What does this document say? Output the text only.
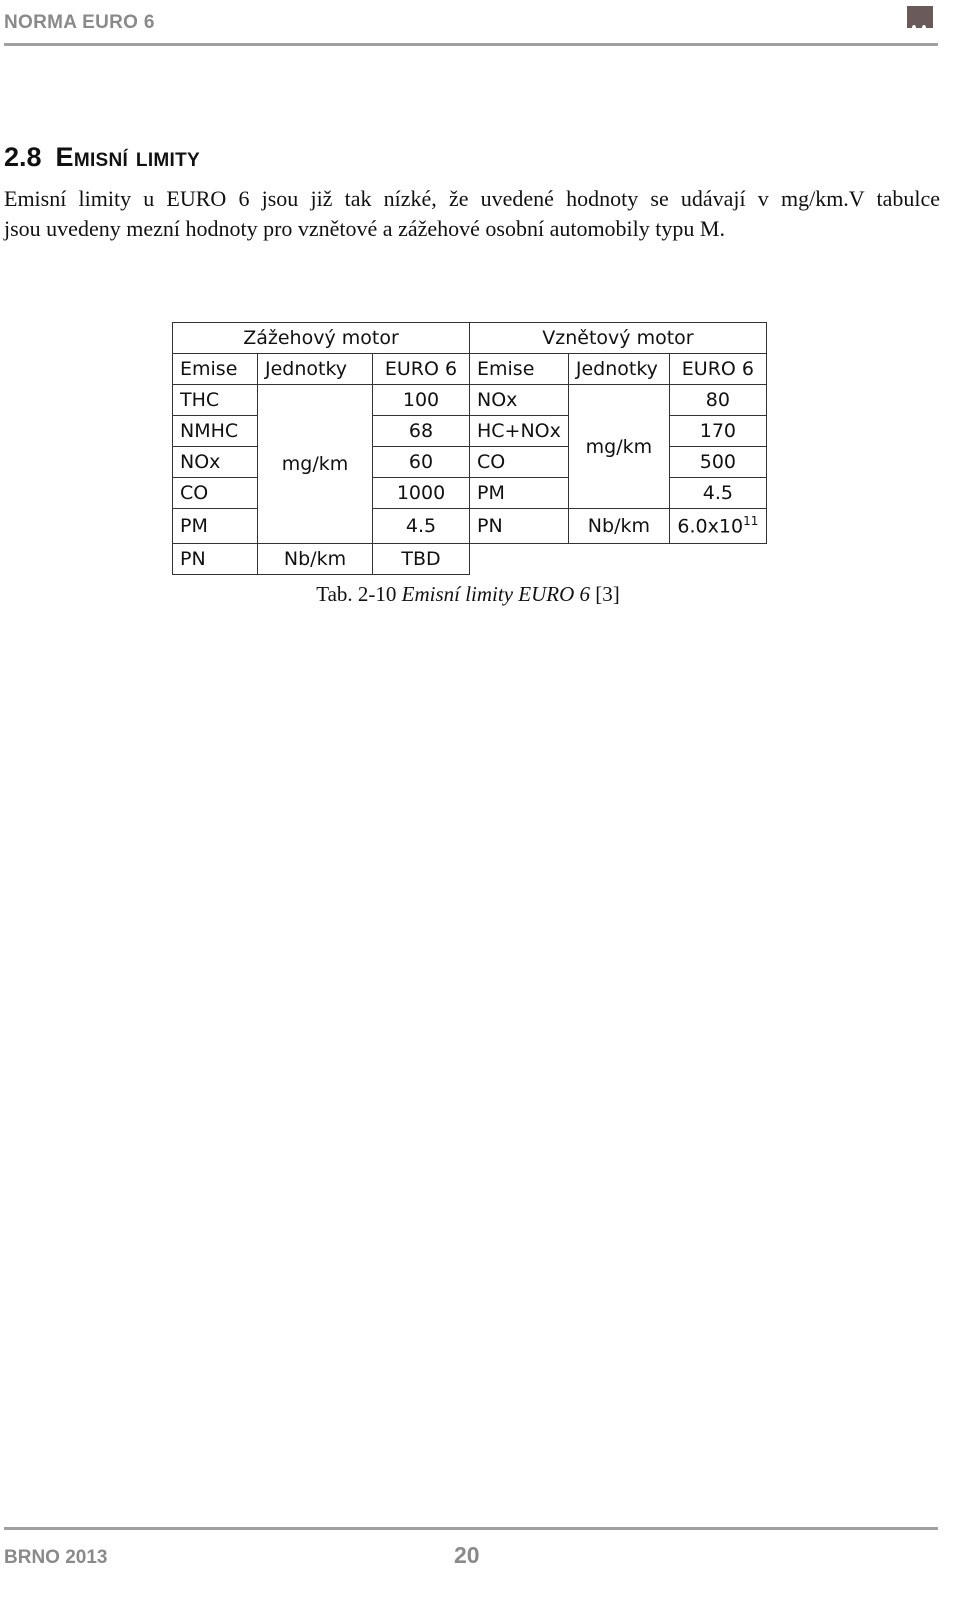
NORMA EURO 6
2.8 Emisní limity
Emisní limity u EURO 6 jsou již tak nízké, že uvedené hodnoty se udávají v mg/km.V tabulce
jsou uvedeny mezní hodnoty pro vznětové a zážehové osobní automobily typu M.
Zážehový motor			Vznětový motor		
Emise	Jednotky	EURO 6	Emise	Jednotky	EURO 6
THC	mg/km	100	NOx	mg/km	80
NMHC		68	HC+NOx		170
NOx		60	CO		500
CO		1000	PM		4.5
PM		4.5	PN	Nb/km	$6.0x10^{11}$
PN	Nb/km	TBD			
Tab. 2-10 Emisní limity EURO 6 [3]
BRNO 2013	20
